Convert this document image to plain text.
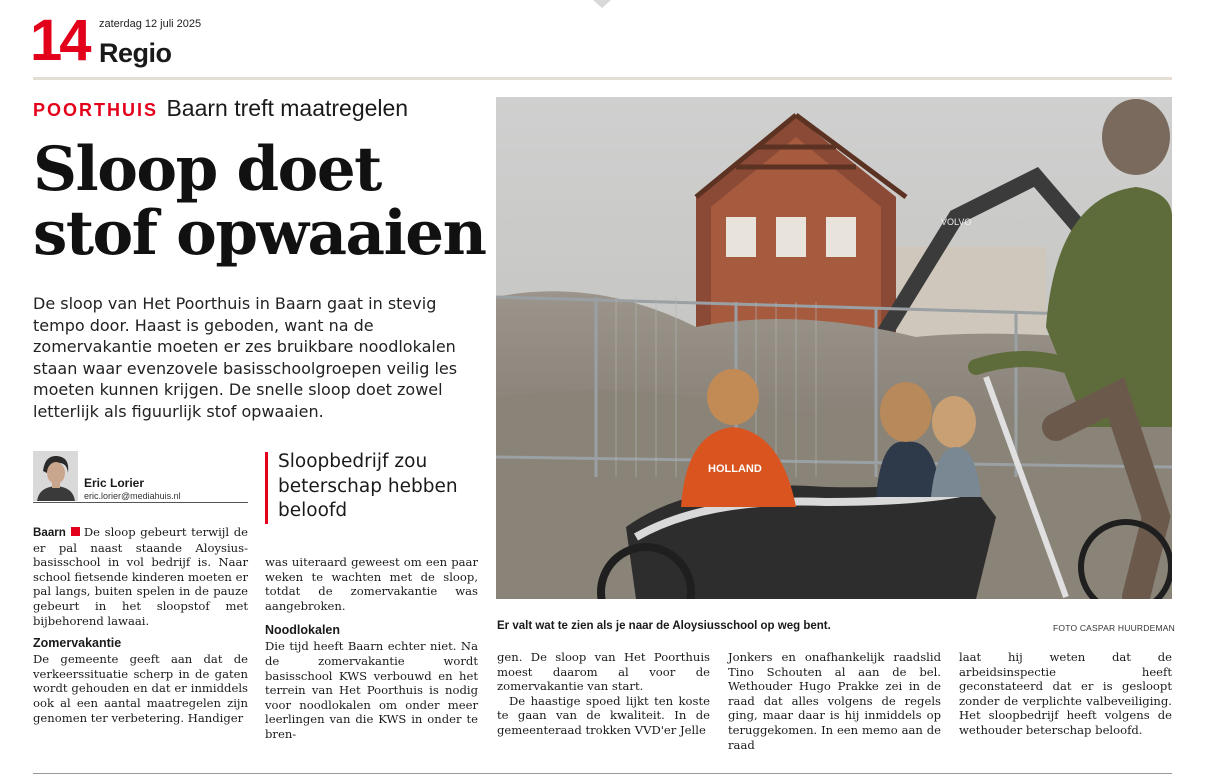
14 zaterdag 12 juli 2025
Regio
POORTHUIS Baarn treft maatregelen
Sloop doet stof opwaaien
De sloop van Het Poorthuis in Baarn gaat in stevig tempo door. Haast is geboden, want na de zomervakantie moeten er zes bruikbare noodlokalen staan waar evenzovele basisschoolgroepen veilig les moeten kunnen krijgen. De snelle sloop doet zowel letterlijk als figuurlijk stof opwaaien.
Eric Lorier
eric.lorier@mediahuis.nl
Sloopbedrijf zou beterschap hebben beloofd

Baarn De sloop gebeurt terwijl de er pal naast staande Aloysius-basisschool in vol bedrijf is. Naar school fietsende kinderen moeten er pal langs, buiten spelen in de pauze gebeurt in het sloopstof met bijbehorend lawaai.

Zomervakantie

De gemeente geeft aan dat de verkeerssituatie scherp in de gaten wordt gehouden en dat er inmiddels ook al een aantal maatregelen zijn genomen ter verbetering. Handiger

was uiteraard geweest om een paar weken te wachten met de sloop, totdat de zomervakantie was aangebroken.

Noodlokalen

Die tijd heeft Baarn echter niet. Na de zomervakantie wordt basisschool KWS verbouwd en het terrein van Het Poorthuis is nodig voor noodlokalen om onder meer leerlingen van die KWS in onder te bren-

gen. De sloop van Het Poorthuis moest daarom al voor de zomervakantie van start.

De haastige spoed lijkt ten koste te gaan van de kwaliteit. In de gemeenteraad trokken VVD'er Jelle

Jonkers en onafhankelijk raadslid Tino Schouten al aan de bel. Wethouder Hugo Prakke zei in de raad dat alles volgens de regels ging, maar daar is hij inmiddels op teruggekomen. In een memo aan de raad

laat hij weten dat de arbeidsinspectie heeft geconstateerd dat er is gesloopt zonder de verplichte valbeveiliging. Het sloopbedrijf heeft volgens de wethouder beterschap beloofd.

VOLVO
HOLLAND
Er valt wat te zien als je naar de Aloysiusschool op weg bent.	FOTO CASPAR HUURDEMAN
